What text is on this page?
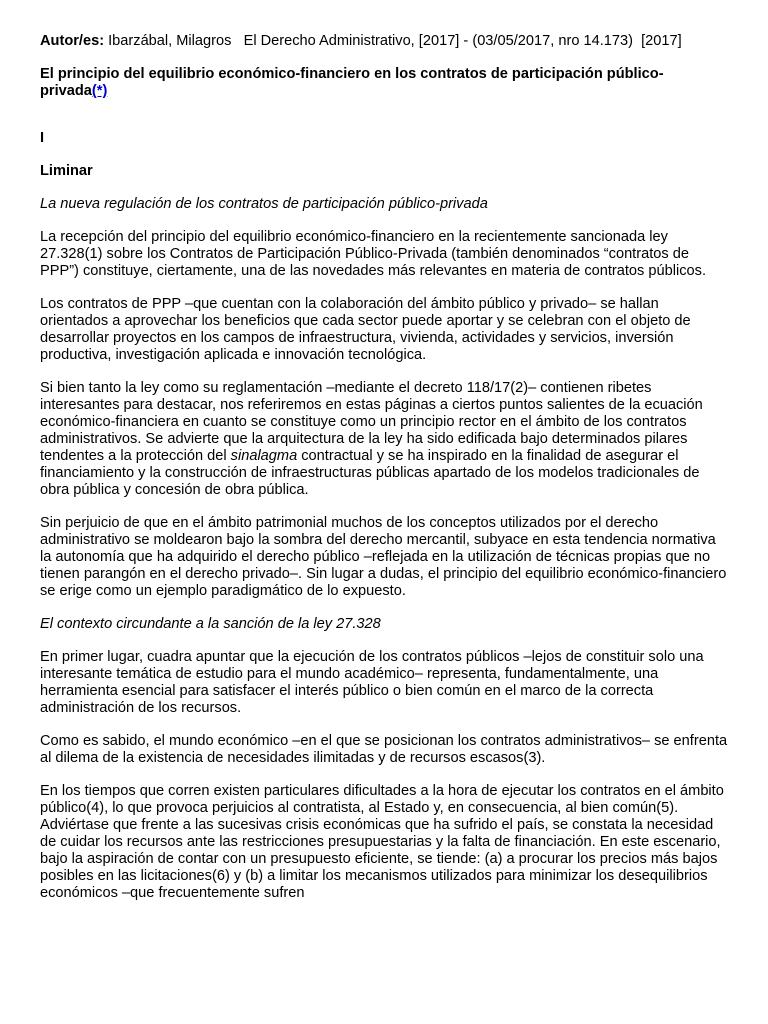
Autor/es: Ibarzábal, Milagros El Derecho Administrativo, [2017] - (03/05/2017, nro 14.173) [2017]

El principio del equilibrio económico-financiero en los contratos de participación público-privada(*)

I

Liminar

La nueva regulación de los contratos de participación público-privada

La recepción del principio del equilibrio económico-financiero en la recientemente sancionada ley 27.328(1) sobre los Contratos de Participación Público-Privada (también denominados “contratos de PPP”) constituye, ciertamente, una de las novedades más relevantes en materia de contratos públicos.

Los contratos de PPP –que cuentan con la colaboración del ámbito público y privado– se hallan orientados a aprovechar los beneficios que cada sector puede aportar y se celebran con el objeto de desarrollar proyectos en los campos de infraestructura, vivienda, actividades y servicios, inversión productiva, investigación aplicada e innovación tecnológica.

Si bien tanto la ley como su reglamentación –mediante el decreto 118/17(2)– contienen ribetes interesantes para destacar, nos referiremos en estas páginas a ciertos puntos salientes de la ecuación económico-financiera en cuanto se constituye como un principio rector en el ámbito de los contratos administrativos. Se advierte que la arquitectura de la ley ha sido edificada bajo determinados pilares tendentes a la protección del sinalagma contractual y se ha inspirado en la finalidad de asegurar el financiamiento y la construcción de infraestructuras públicas apartado de los modelos tradicionales de obra pública y concesión de obra pública.

Sin perjuicio de que en el ámbito patrimonial muchos de los conceptos utilizados por el derecho administrativo se moldearon bajo la sombra del derecho mercantil, subyace en esta tendencia normativa la autonomía que ha adquirido el derecho público –reflejada en la utilización de técnicas propias que no tienen parangón en el derecho privado–. Sin lugar a dudas, el principio del equilibrio económico-financiero se erige como un ejemplo paradigmático de lo expuesto.

El contexto circundante a la sanción de la ley 27.328

En primer lugar, cuadra apuntar que la ejecución de los contratos públicos –lejos de constituir solo una interesante temática de estudio para el mundo académico– representa, fundamentalmente, una herramienta esencial para satisfacer el interés público o bien común en el marco de la correcta administración de los recursos.

Como es sabido, el mundo económico –en el que se posicionan los contratos administrativos– se enfrenta al dilema de la existencia de necesidades ilimitadas y de recursos escasos(3).

En los tiempos que corren existen particulares dificultades a la hora de ejecutar los contratos en el ámbito público(4), lo que provoca perjuicios al contratista, al Estado y, en consecuencia, al bien común(5). Adviértase que frente a las sucesivas crisis económicas que ha sufrido el país, se constata la necesidad de cuidar los recursos ante las restricciones presupuestarias y la falta de financiación. En este escenario, bajo la aspiración de contar con un presupuesto eficiente, se tiende: (a) a procurar los precios más bajos posibles en las licitaciones(6) y (b) a limitar los mecanismos utilizados para minimizar los desequilibrios económicos –que frecuentemente sufren
